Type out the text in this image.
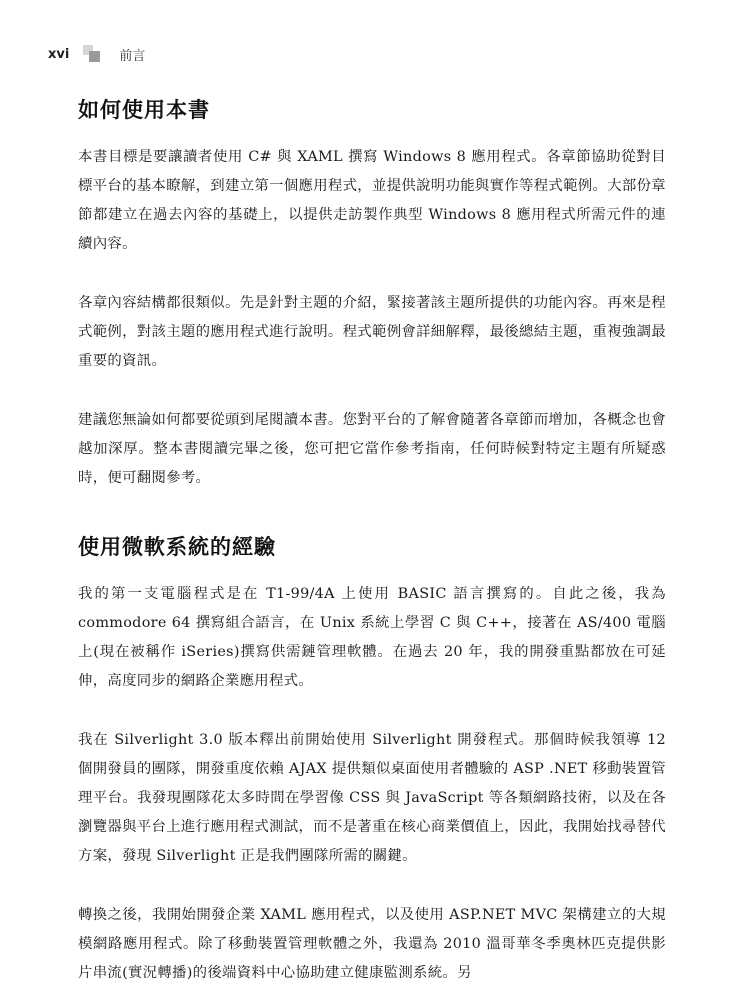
xvi	前言
如何使用本書

本書目標是要讓讀者使用 C# 與 XAML 撰寫 Windows 8 應用程式。各章節協助從對目標平台的基本瞭解，到建立第一個應用程式，並提供說明功能與實作等程式範例。大部份章節都建立在過去內容的基礎上，以提供走訪製作典型 Windows 8 應用程式所需元件的連續內容。

各章內容結構都很類似。先是針對主題的介紹，緊接著該主題所提供的功能內容。再來是程式範例，對該主題的應用程式進行說明。程式範例會詳細解釋，最後總結主題，重複強調最重要的資訊。

建議您無論如何都要從頭到尾閱讀本書。您對平台的了解會隨著各章節而增加，各概念也會越加深厚。整本書閱讀完畢之後，您可把它當作參考指南，任何時候對特定主題有所疑惑時，便可翻閱參考。

使用微軟系統的經驗

我的第一支電腦程式是在 T1-99/4A 上使用 BASIC 語言撰寫的。自此之後，我為 commodore 64 撰寫組合語言，在 Unix 系統上學習 C 與 C++，接著在 AS/400 電腦上(現在被稱作 iSeries)撰寫供需鏈管理軟體。在過去 20 年，我的開發重點都放在可延伸，高度同步的網路企業應用程式。

我在 Silverlight 3.0 版本釋出前開始使用 Silverlight 開發程式。那個時候我領導 12 個開發員的團隊，開發重度依賴 AJAX 提供類似桌面使用者體驗的 ASP .NET 移動裝置管理平台。我發現團隊花太多時間在學習像 CSS 與 JavaScript 等各類網路技術，以及在各瀏覽器與平台上進行應用程式測試，而不是著重在核心商業價值上，因此，我開始找尋替代方案，發現 Silverlight 正是我們團隊所需的關鍵。

轉換之後，我開始開發企業 XAML 應用程式，以及使用 ASP.NET MVC 架構建立的大規模網路應用程式。除了移動裝置管理軟體之外，我還為 2010 溫哥華冬季奧林匹克提供影片串流(實況轉播)的後端資料中心協助建立健康監測系統。另
